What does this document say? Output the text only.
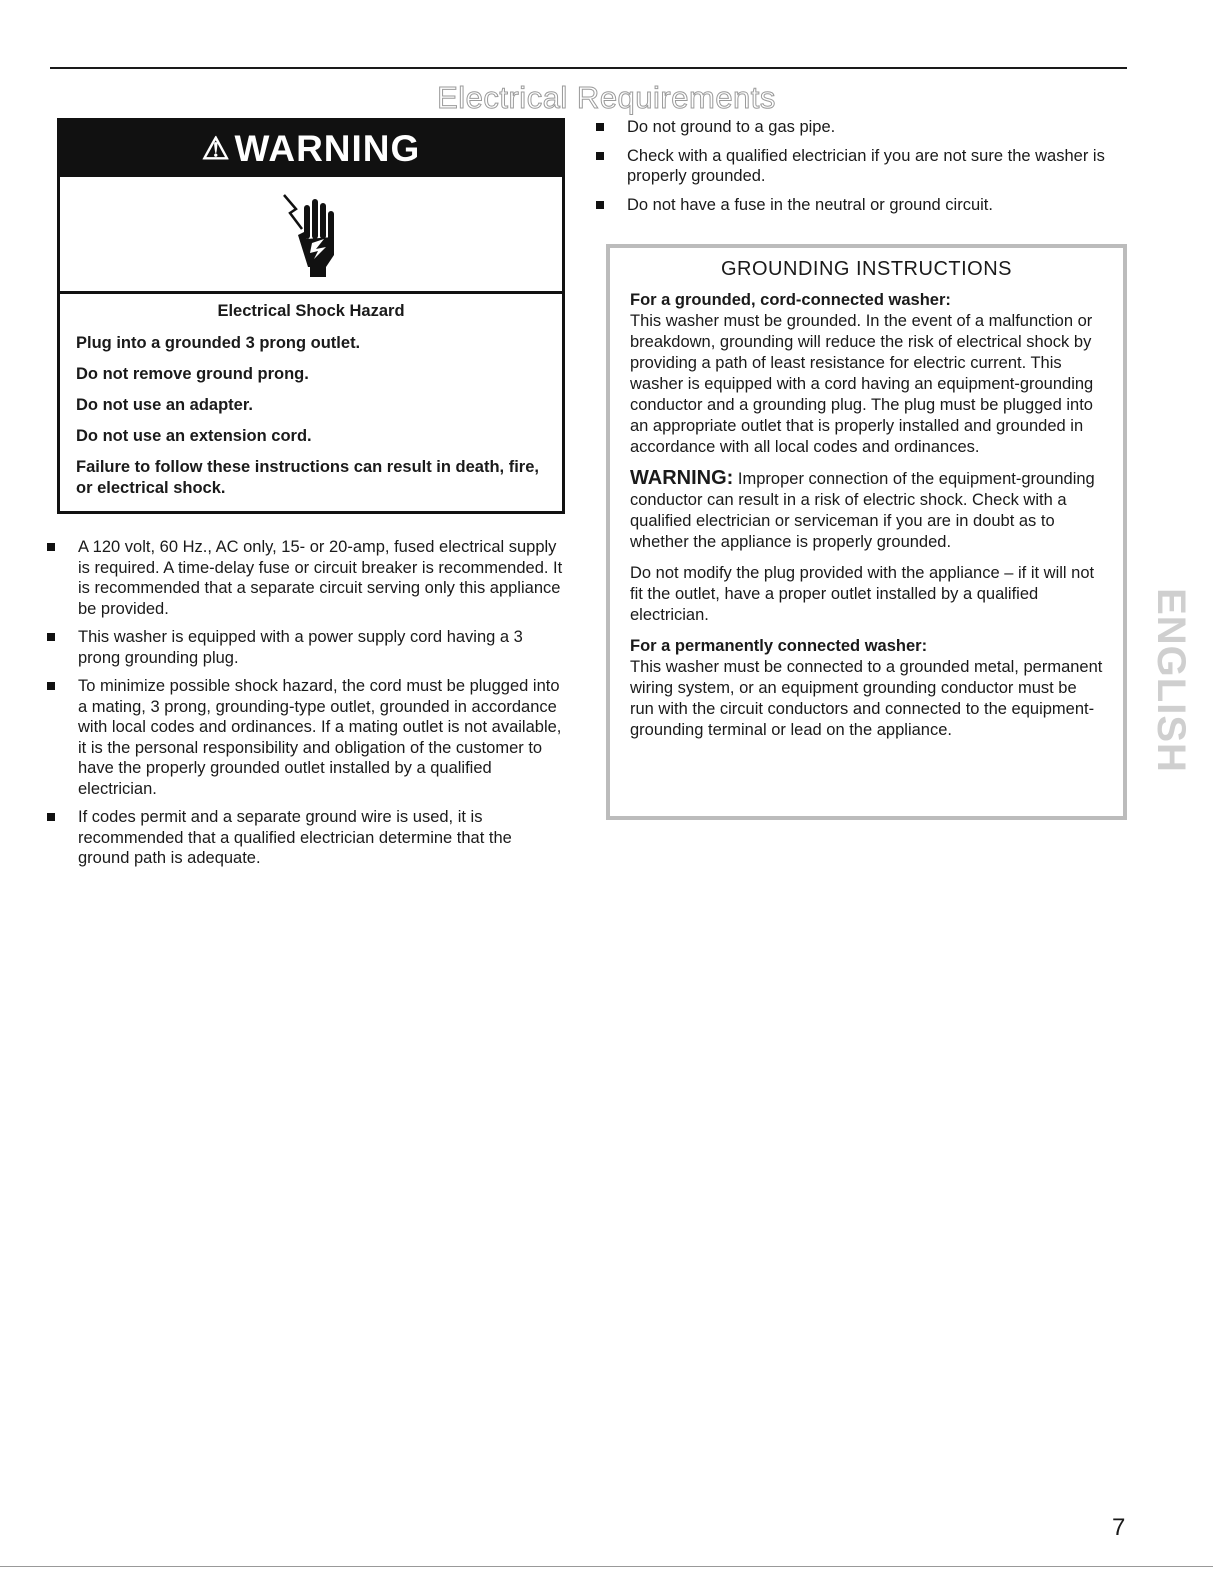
Electrical Requirements
⚠ WARNING
Electrical Shock Hazard
Plug into a grounded 3 prong outlet.
Do not remove ground prong.
Do not use an adapter.
Do not use an extension cord.
Failure to follow these instructions can result in death, fire, or electrical shock.
A 120 volt, 60 Hz., AC only, 15- or 20-amp, fused electrical supply is required. A time-delay fuse or circuit breaker is recommended. It is recommended that a separate circuit serving only this appliance be provided.
This washer is equipped with a power supply cord having a 3 prong grounding plug.
To minimize possible shock hazard, the cord must be plugged into a mating, 3 prong, grounding-type outlet, grounded in accordance with local codes and ordinances. If a mating outlet is not available, it is the personal responsibility and obligation of the customer to have the properly grounded outlet installed by a qualified electrician.
If codes permit and a separate ground wire is used, it is recommended that a qualified electrician determine that the ground path is adequate.
Do not ground to a gas pipe.
Check with a qualified electrician if you are not sure the washer is properly grounded.
Do not have a fuse in the neutral or ground circuit.
GROUNDING INSTRUCTIONS
For a grounded, cord-connected washer:
This washer must be grounded. In the event of a malfunction or breakdown, grounding will reduce the risk of electrical shock by providing a path of least resistance for electric current. This washer is equipped with a cord having an equipment-grounding conductor and a grounding plug. The plug must be plugged into an appropriate outlet that is properly installed and grounded in accordance with all local codes and ordinances.
WARNING: Improper connection of the equipment-grounding conductor can result in a risk of electric shock. Check with a qualified electrician or serviceman if you are in doubt as to whether the appliance is properly grounded.
Do not modify the plug provided with the appliance – if it will not fit the outlet, have a proper outlet installed by a qualified electrician.
For a permanently connected washer:
This washer must be connected to a grounded metal, permanent wiring system, or an equipment grounding conductor must be run with the circuit conductors and connected to the equipment-grounding terminal or lead on the appliance.	ENGLISH
7
